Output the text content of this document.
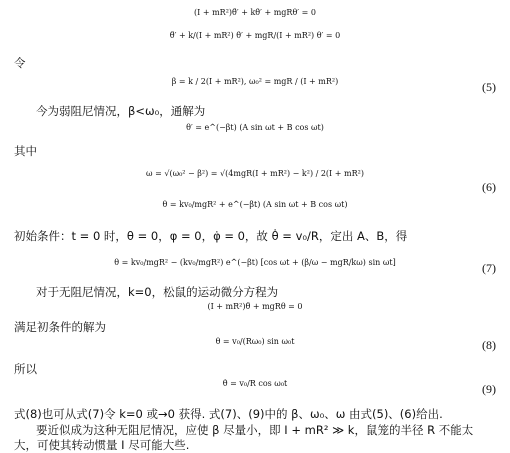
(I + mR²)θ̈′ + kθ̇′ + mgRθ′ = 0
θ̈′ + k/(I + mR²) θ̇′ + mgR/(I + mR²) θ′ = 0
令
β = k / 2(I + mR²), ω₀² = mgR / (I + mR²)	(5)
今为弱阻尼情况，β<ω₀，通解为
θ′ = e^(−βt) (A sin ωt + B cos ωt)
其中
ω = √(ω₀² − β²) = √(4mgR(I + mR²) − k²) / 2(I + mR²)
(6)
θ = kv₀/mgR² + e^(−βt) (A sin ωt + B cos ωt)
初始条件：t = 0 时，θ = 0，φ = 0，φ̇ = 0，故 θ̇ = v₀/R，定出 A、B，得
θ = kv₀/mgR² − (kv₀/mgR²) e^(−βt) [cos ωt + (β/ω − mgR/kω) sin ωt]	(7)
对于无阻尼情况，k=0，松鼠的运动微分方程为
(I + mR²)θ̈ + mgRθ = 0
满足初条件的解为
θ = v₀/(Rω₀) sin ω₀t	(8)
所以
θ̇ = v₀/R cos ω₀t	(9)
式(8)也可从式(7)令 k=0 或→0 获得. 式(7)、(9)中的 β、ω₀、ω 由式(5)、(6)给出.
要近似成为这种无阻尼情况，应使 β 尽量小，即 I + mR² ≫ k，鼠笼的半径 R 不能太
大，可使其转动惯量 I 尽可能大些.
